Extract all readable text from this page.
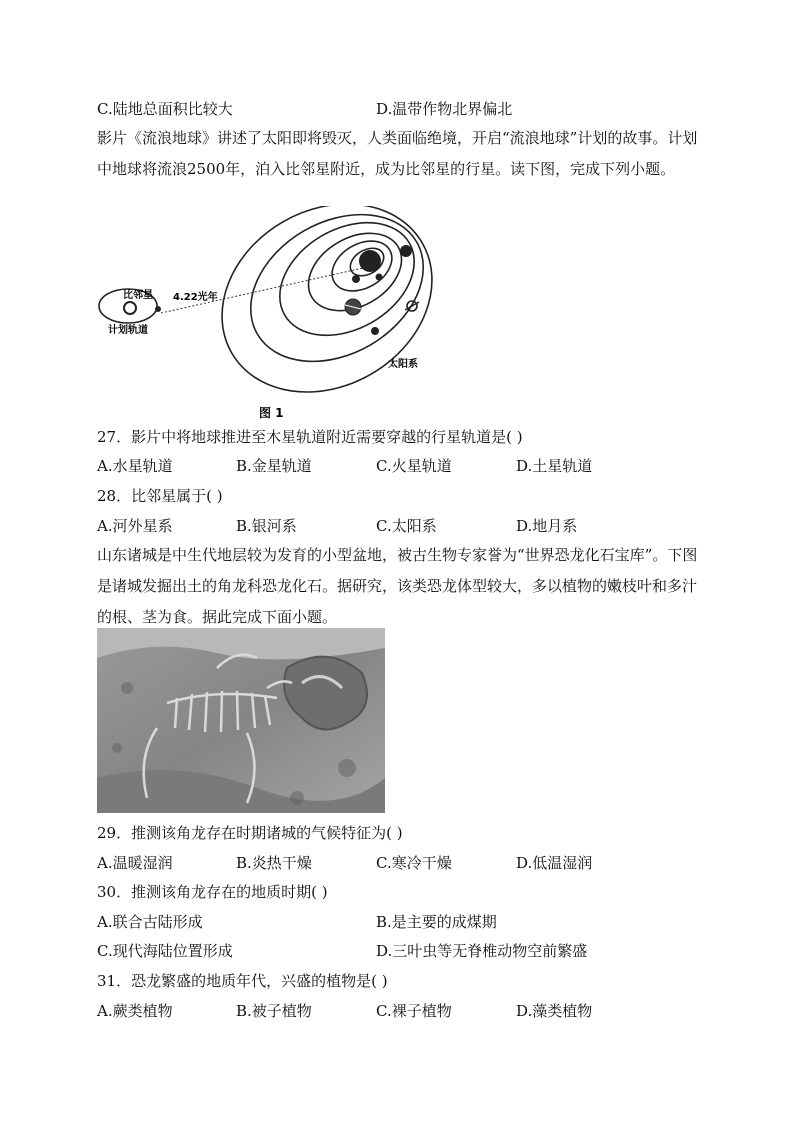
C.陆地总面积比较大	D.温带作物北界偏北
影片《流浪地球》讲述了太阳即将毁灭，人类面临绝境，开启“流浪地球”计划的故事。计划中地球将流浪2500年，泊入比邻星附近，成为比邻星的行星。读下图，完成下列小题。
比邻星 4.22光年
计划轨道
太阳系
图 1
27．影片中将地球推进至木星轨道附近需要穿越的行星轨道是( )
A.水星轨道	B.金星轨道	C.火星轨道	D.土星轨道
28．比邻星属于( )
A.河外星系	B.银河系	C.太阳系	D.地月系
山东诸城是中生代地层较为发育的小型盆地，被古生物专家誉为“世界恐龙化石宝库”。下图是诸城发掘出土的角龙科恐龙化石。据研究，该类恐龙体型较大，多以植物的嫩枝叶和多汁的根、茎为食。据此完成下面小题。
29．推测该角龙存在时期诸城的气候特征为( )
A.温暖湿润	B.炎热干燥	C.寒冷干燥	D.低温湿润
30．推测该角龙存在的地质时期( )
A.联合古陆形成	B.是主要的成煤期
C.现代海陆位置形成	D.三叶虫等无脊椎动物空前繁盛
31．恐龙繁盛的地质年代，兴盛的植物是( )
A.蕨类植物	B.被子植物	C.裸子植物	D.藻类植物
